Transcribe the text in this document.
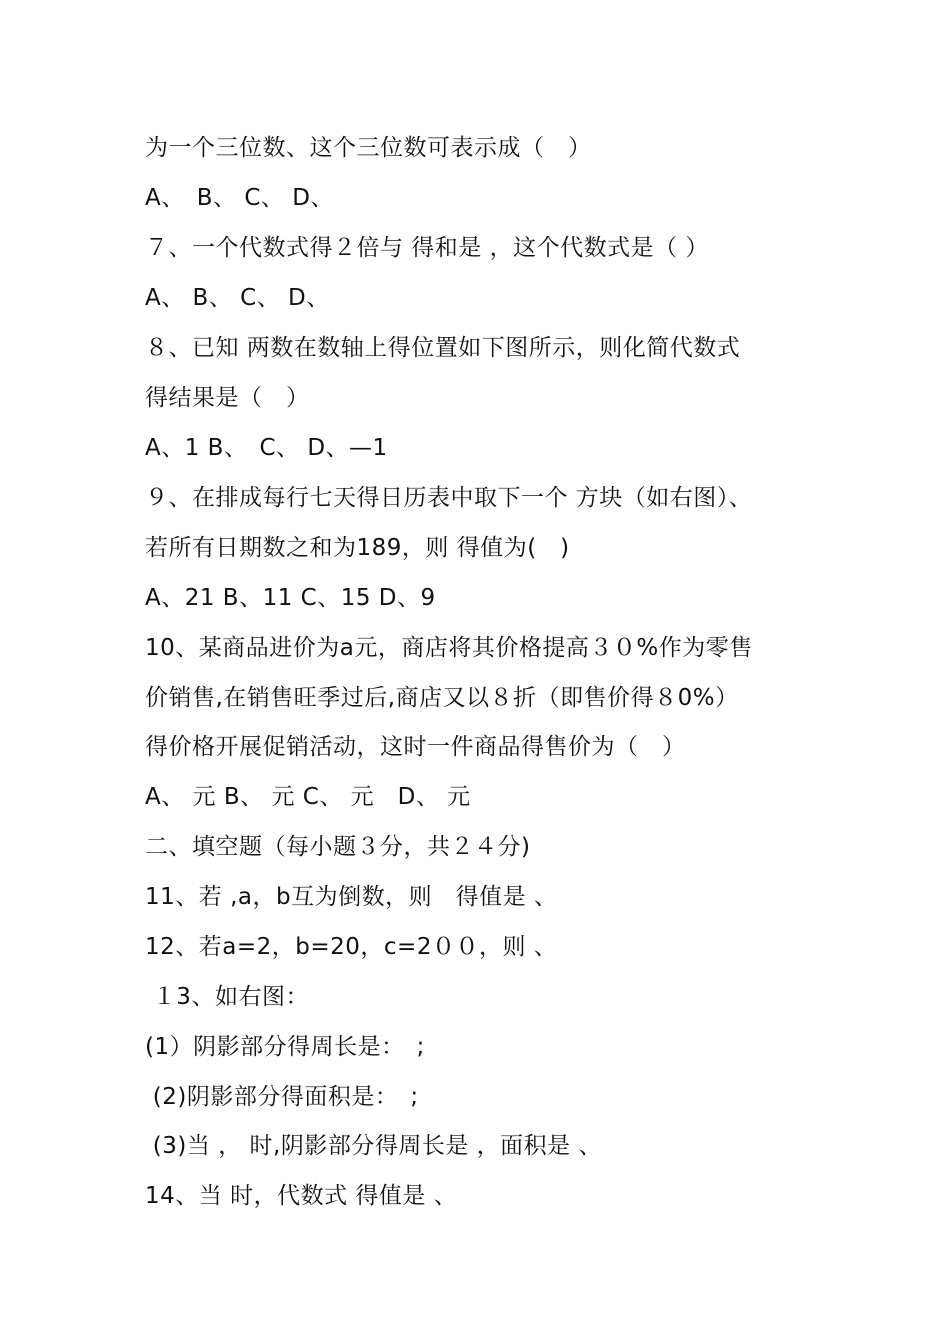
为一个三位数、这个三位数可表示成（　）
A、　B、 C、 D、
７、一个代数式得２倍与 得和是 ，这个代数式是（ ）
A、 B、 C、 D、
８、已知 两数在数轴上得位置如下图所示，则化简代数式
得结果是（　）
A、1 B、　C、 D、—1
９、在排成每行七天得日历表中取下一个 方块（如右图）、
若所有日期数之和为189，则 得值为(　)
A、21 B、11 C、15 D、9
10、某商品进价为a元，商店将其价格提高３０%作为零售
价销售,在销售旺季过后,商店又以８折（即售价得８0%）
得价格开展促销活动，这时一件商品得售价为（　）
A、 元 B、 元 C、 元　D、 元
二、填空题（每小题３分，共２４分)
11、若 ,a，b互为倒数，则　得值是 、
12、若a=2，b=20，c=2００，则 、
１3、如右图：
(1）阴影部分得周长是：　;
(2)阴影部分得面积是：　;
(3)当 ， 时,阴影部分得周长是 ，面积是 、
14、当 时，代数式 得值是 、
